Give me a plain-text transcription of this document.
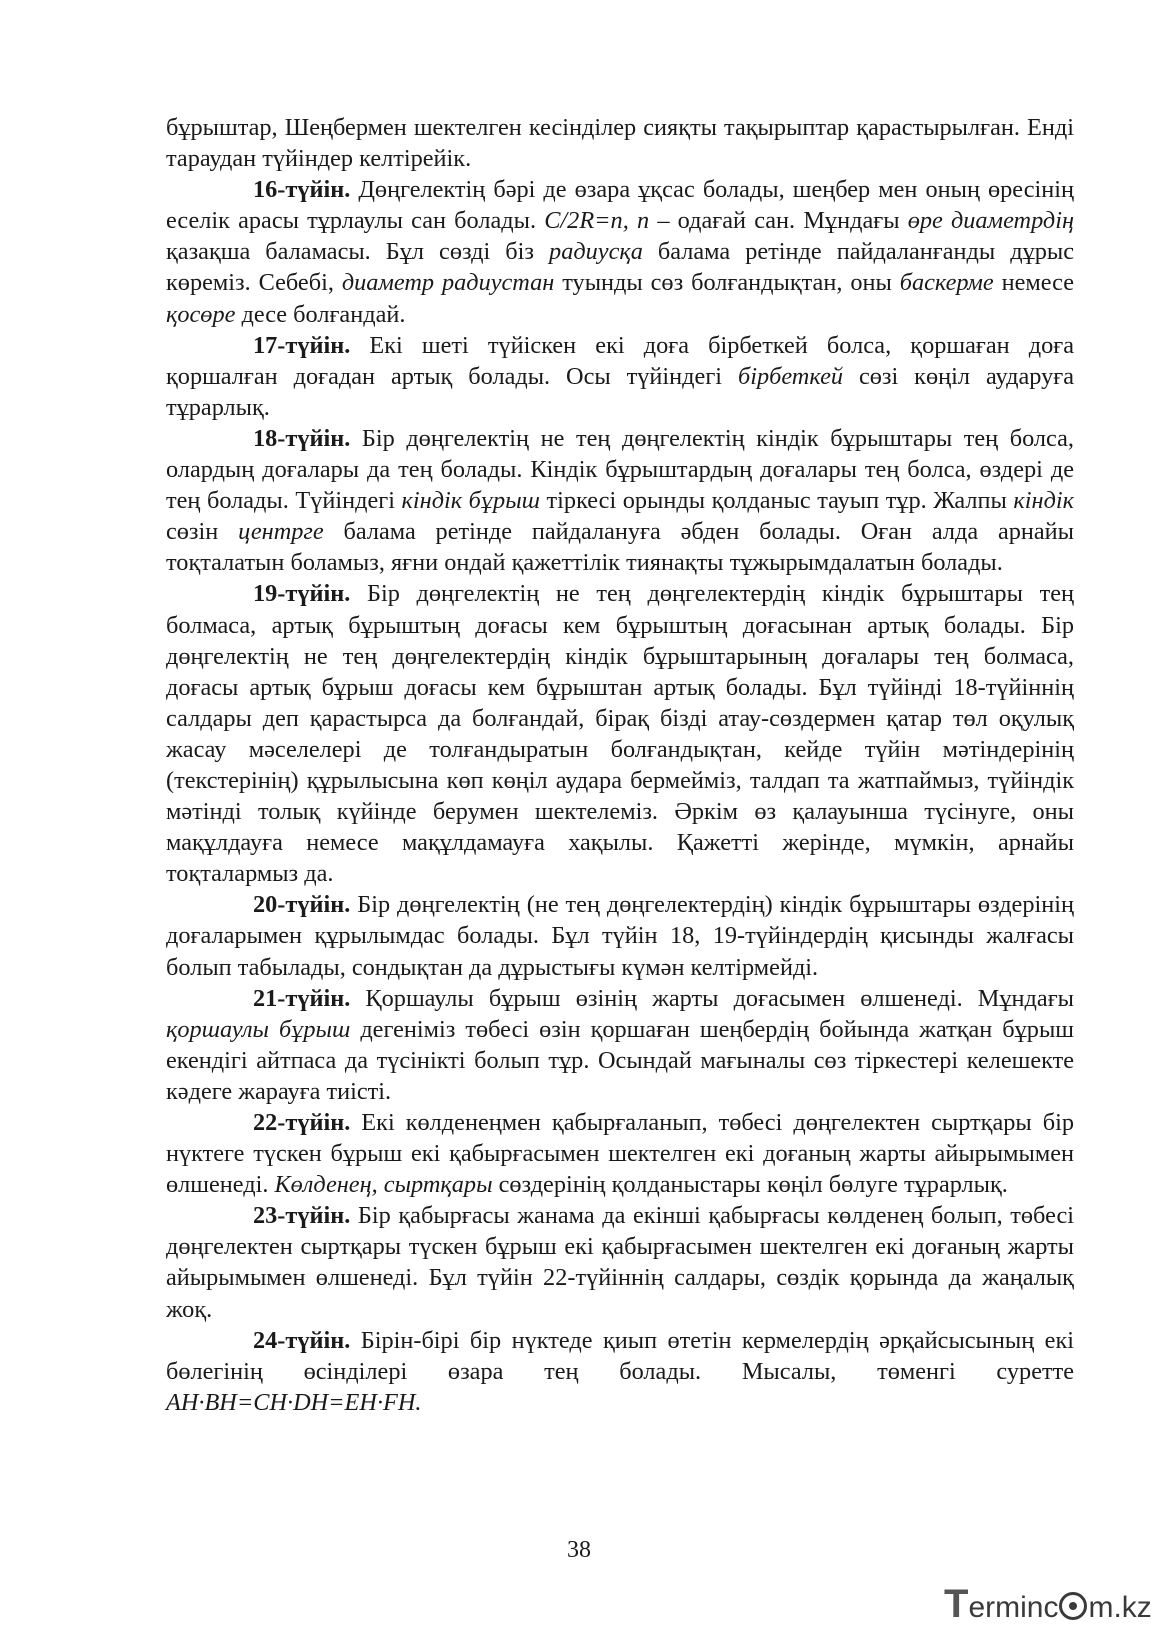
бұрыштар, Шеңбермен шектелген кесінділер сияқты тақырыптар қарастырылған. Енді тараудан түйіндер келтірейік.

16-түйін. Дөңгелектің бәрі де өзара ұқсас болады, шеңбер мен оның өресінің еселік арасы тұрлаулы сан болады. C/2R=n, n – одағай сан. Мұндағы өре диаметрдің қазақша баламасы. Бұл сөзді біз радиусқа балама ретінде пайдаланғанды дұрыс көреміз. Себебі, диаметр радиустан туынды сөз болғандықтан, оны баскерме немесе қосөре десе болғандай.

17-түйін. Екі шеті түйіскен екі доға бірбеткей болса, қоршаған доға қоршалған доғадан артық болады. Осы түйіндегі бірбеткей сөзі көңіл аударуға тұрарлық.

18-түйін. Бір дөңгелектің не тең дөңгелектің кіндік бұрыштары тең болса, олардың доғалары да тең болады. Кіндік бұрыштардың доғалары тең болса, өздері де тең болады. Түйіндегі кіндік бұрыш тіркесі орынды қолданыс тауып тұр. Жалпы кіндік сөзін центрге балама ретінде пайдалануға әбден болады. Оған алда арнайы тоқталатын боламыз, яғни ондай қажеттілік тиянақты тұжырымдалатын болады.

19-түйін. Бір дөңгелектің не тең дөңгелектердің кіндік бұрыштары тең болмаса, артық бұрыштың доғасы кем бұрыштың доғасынан артық болады. Бір дөңгелектің не тең дөңгелектердің кіндік бұрыштарының доғалары тең болмаса, доғасы артық бұрыш доғасы кем бұрыштан артық болады. Бұл түйінді 18-түйіннің салдары деп қарастырса да болғандай, бірақ бізді атау-сөздермен қатар төл оқулық жасау мәселелері де толғандыратын болғандықтан, кейде түйін мәтіндерінің (текстерінің) құрылысына көп көңіл аудара бермейміз, талдап та жатпаймыз, түйіндік мәтінді толық күйінде берумен шектелеміз. Әркім өз қалауынша түсінуге, оны мақұлдауға немесе мақұлдамауға хақылы. Қажетті жерінде, мүмкін, арнайы тоқталармыз да.

20-түйін. Бір дөңгелектің (не тең дөңгелектердің) кіндік бұрыштары өздерінің доғаларымен құрылымдас болады. Бұл түйін 18, 19-түйіндердің қисынды жалғасы болып табылады, сондықтан да дұрыстығы күмән келтірмейді.

21-түйін. Қоршаулы бұрыш өзінің жарты доғасымен өлшенеді. Мұндағы қоршаулы бұрыш дегеніміз төбесі өзін қоршаған шеңбердің бойында жатқан бұрыш екендігі айтпаса да түсінікті болып тұр. Осындай мағыналы сөз тіркестері келешекте кәдеге жарауға тиісті.

22-түйін. Екі көлденеңмен қабырғаланып, төбесі дөңгелектен сыртқары бір нүктеге түскен бұрыш екі қабырғасымен шектелген екі доғаның жарты айырымымен өлшенеді. Көлденең, сыртқары сөздерінің қолданыстары көңіл бөлуге тұрарлық.

23-түйін. Бір қабырғасы жанама да екінші қабырғасы көлденең болып, төбесі дөңгелектен сыртқары түскен бұрыш екі қабырғасымен шектелген екі доғаның жарты айырымымен өлшенеді. Бұл түйін 22-түйіннің салдары, сөздік қорында да жаңалық жоқ.

24-түйін. Бірін-бірі бір нүктеде қиып өтетін кермелердің әрқайсысының екі бөлегінің өсінділері өзара тең болады. Мысалы, төменгі суретте AH·BH=CH·DH=EH·FH.

38
Terminc m.kz
